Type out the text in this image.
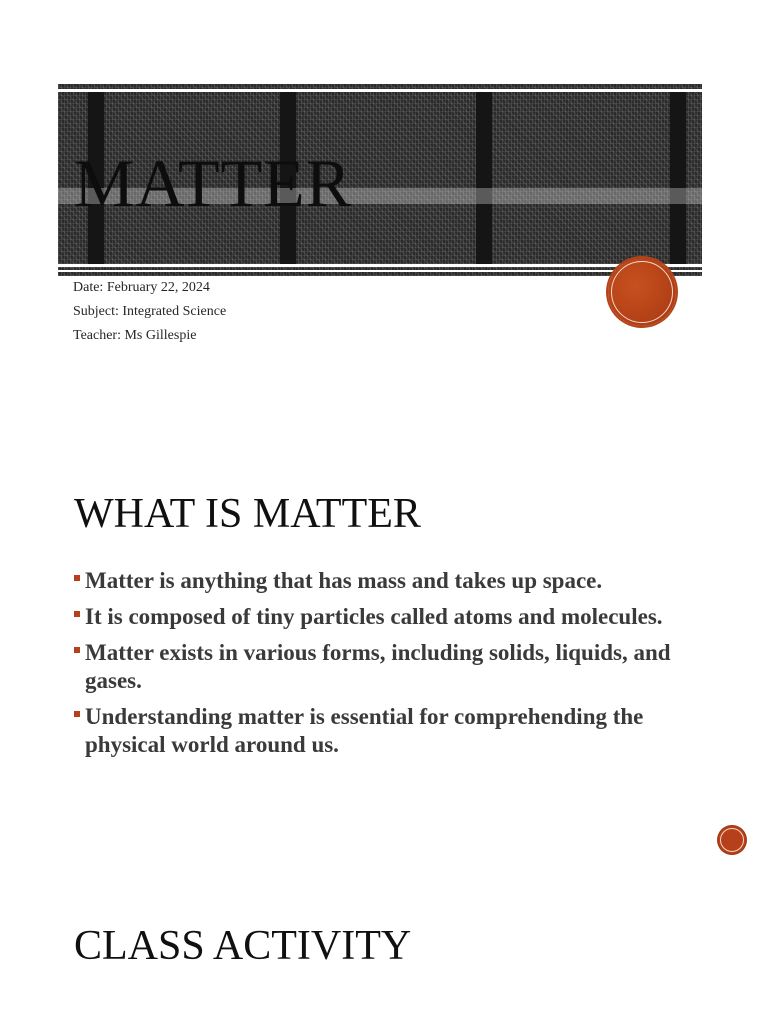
MATTER
Date: February 22, 2024
Subject: Integrated Science
Teacher: Ms Gillespie
WHAT IS MATTER
Matter is anything that has mass and takes up space.
It is composed of tiny particles called atoms and molecules.
Matter exists in various forms, including solids, liquids, and gases.
Understanding matter is essential for comprehending the physical world around us.
CLASS ACTIVITY
